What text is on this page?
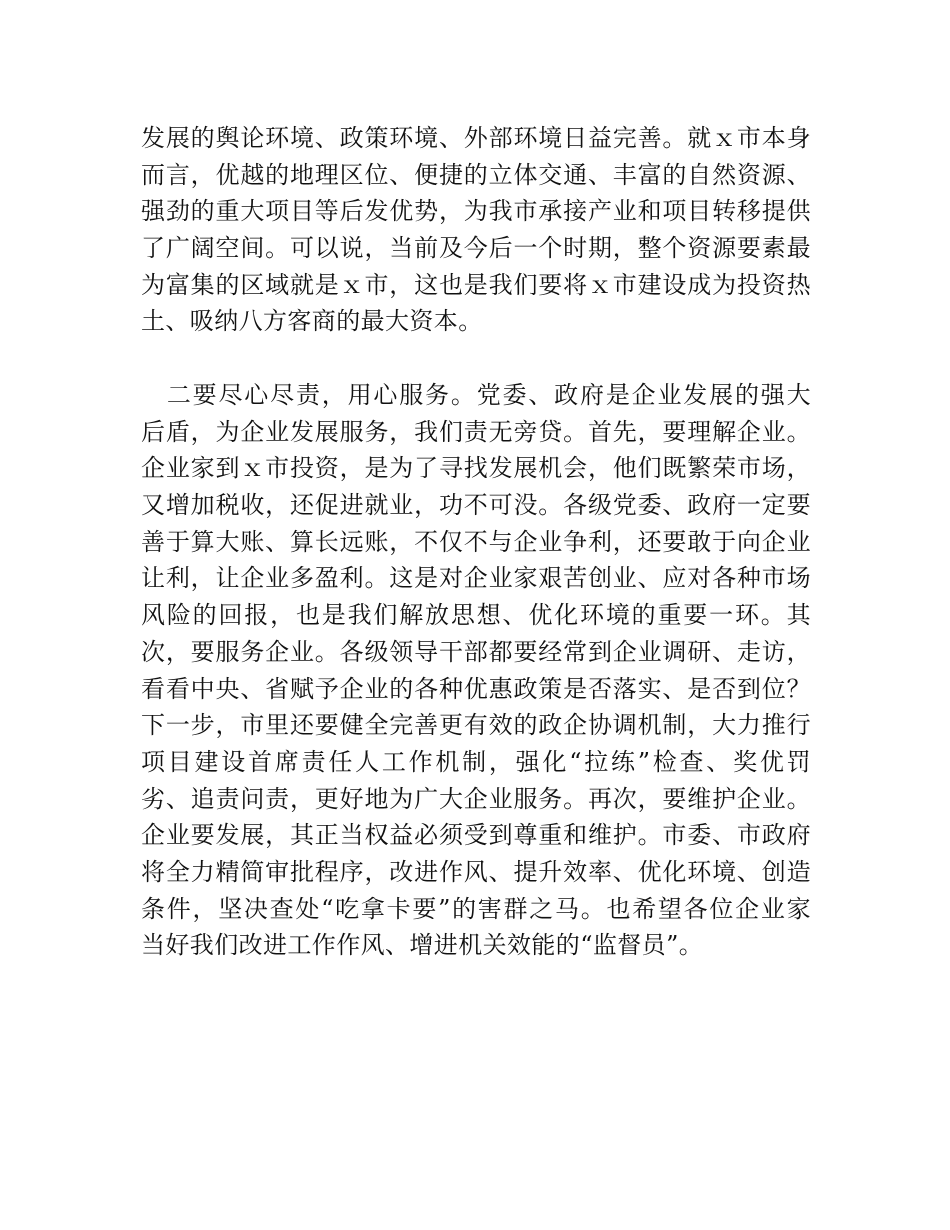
发展的舆论环境、政策环境、外部环境日益完善。就ｘ市本身
而言，优越的地理区位、便捷的立体交通、丰富的自然资源、
强劲的重大项目等后发优势，为我市承接产业和项目转移提供
了广阔空间。可以说，当前及今后一个时期，整个资源要素最
为富集的区域就是ｘ市，这也是我们要将ｘ市建设成为投资热
土、吸纳八方客商的最大资本。
　二要尽心尽责，用心服务。党委、政府是企业发展的强大
后盾，为企业发展服务，我们责无旁贷。首先，要理解企业。
企业家到ｘ市投资，是为了寻找发展机会，他们既繁荣市场，
又增加税收，还促进就业，功不可没。各级党委、政府一定要
善于算大账、算长远账，不仅不与企业争利，还要敢于向企业
让利，让企业多盈利。这是对企业家艰苦创业、应对各种市场
风险的回报，也是我们解放思想、优化环境的重要一环。其
次，要服务企业。各级领导干部都要经常到企业调研、走访，
看看中央、省赋予企业的各种优惠政策是否落实、是否到位？
下一步，市里还要健全完善更有效的政企协调机制，大力推行
项目建设首席责任人工作机制，强化“拉练”检查、奖优罚
劣、追责问责，更好地为广大企业服务。再次，要维护企业。
企业要发展，其正当权益必须受到尊重和维护。市委、市政府
将全力精简审批程序，改进作风、提升效率、优化环境、创造
条件，坚决查处“吃拿卡要”的害群之马。也希望各位企业家
当好我们改进工作作风、增进机关效能的“监督员”。
